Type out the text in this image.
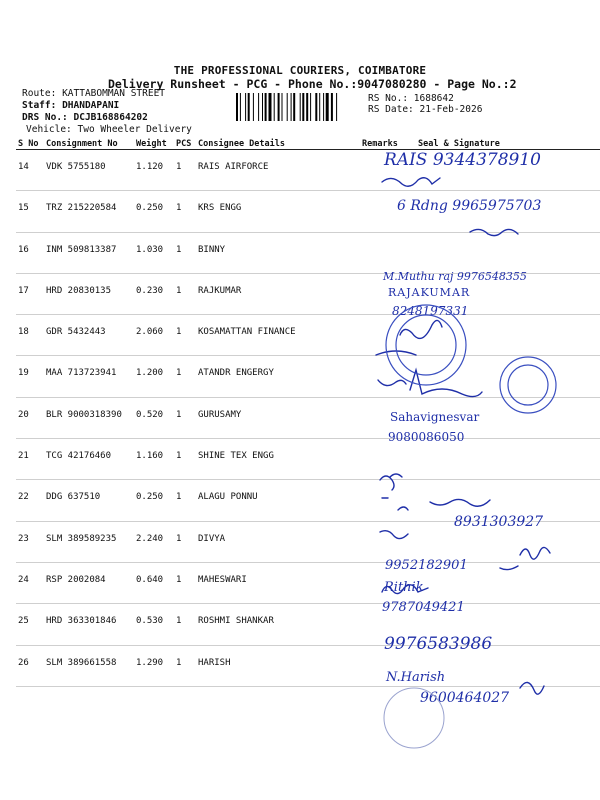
THE PROFESSIONAL COURIERS, COIMBATORE
Delivery Runsheet - PCG - Phone No.:9047080280 - Page No.:2
Route: KATTABOMMAN STREET
Staff: DHANDAPANI
DRS No.: DCJB168864202
Vehicle: Two Wheeler Delivery
RS No.: 1688642
RS Date: 21-Feb-2026
S No	Consignment No	Weight	PCS	Consignee Details	Remarks	Seal & Signature
14	VDK 5755180	1.120	1	RAIS AIRFORCE		
15	TRZ 215220584	0.250	1	KRS ENGG		
16	INM 509813387	1.030	1	BINNY		
17	HRD 20830135	0.230	1	RAJKUMAR		
18	GDR 5432443	2.060	1	KOSAMATTAN FINANCE		
19	MAA 713723941	1.200	1	ATANDR ENGERGY		
20	BLR 9000318390	0.520	1	GURUSAMY		
21	TCG 42176460	1.160	1	SHINE TEX ENGG		
22	DDG 637510	0.250	1	ALAGU PONNU		
23	SLM 389589235	2.240	1	DIVYA		
24	RSP 2002084	0.640	1	MAHESWARI		
25	HRD 363301846	0.530	1	ROSHMI SHANKAR		
26	SLM 389661558	1.290	1	HARISH		
RAIS 9344378910
6 Rdng 9965975703
M.Muthu raj 9976548355
RAJAKUMAR
8248197331
Sahavignesvar
9080086050
8931303927
9952182901
Rithik
9787049421
9976583986
N.Harish
9600464027
